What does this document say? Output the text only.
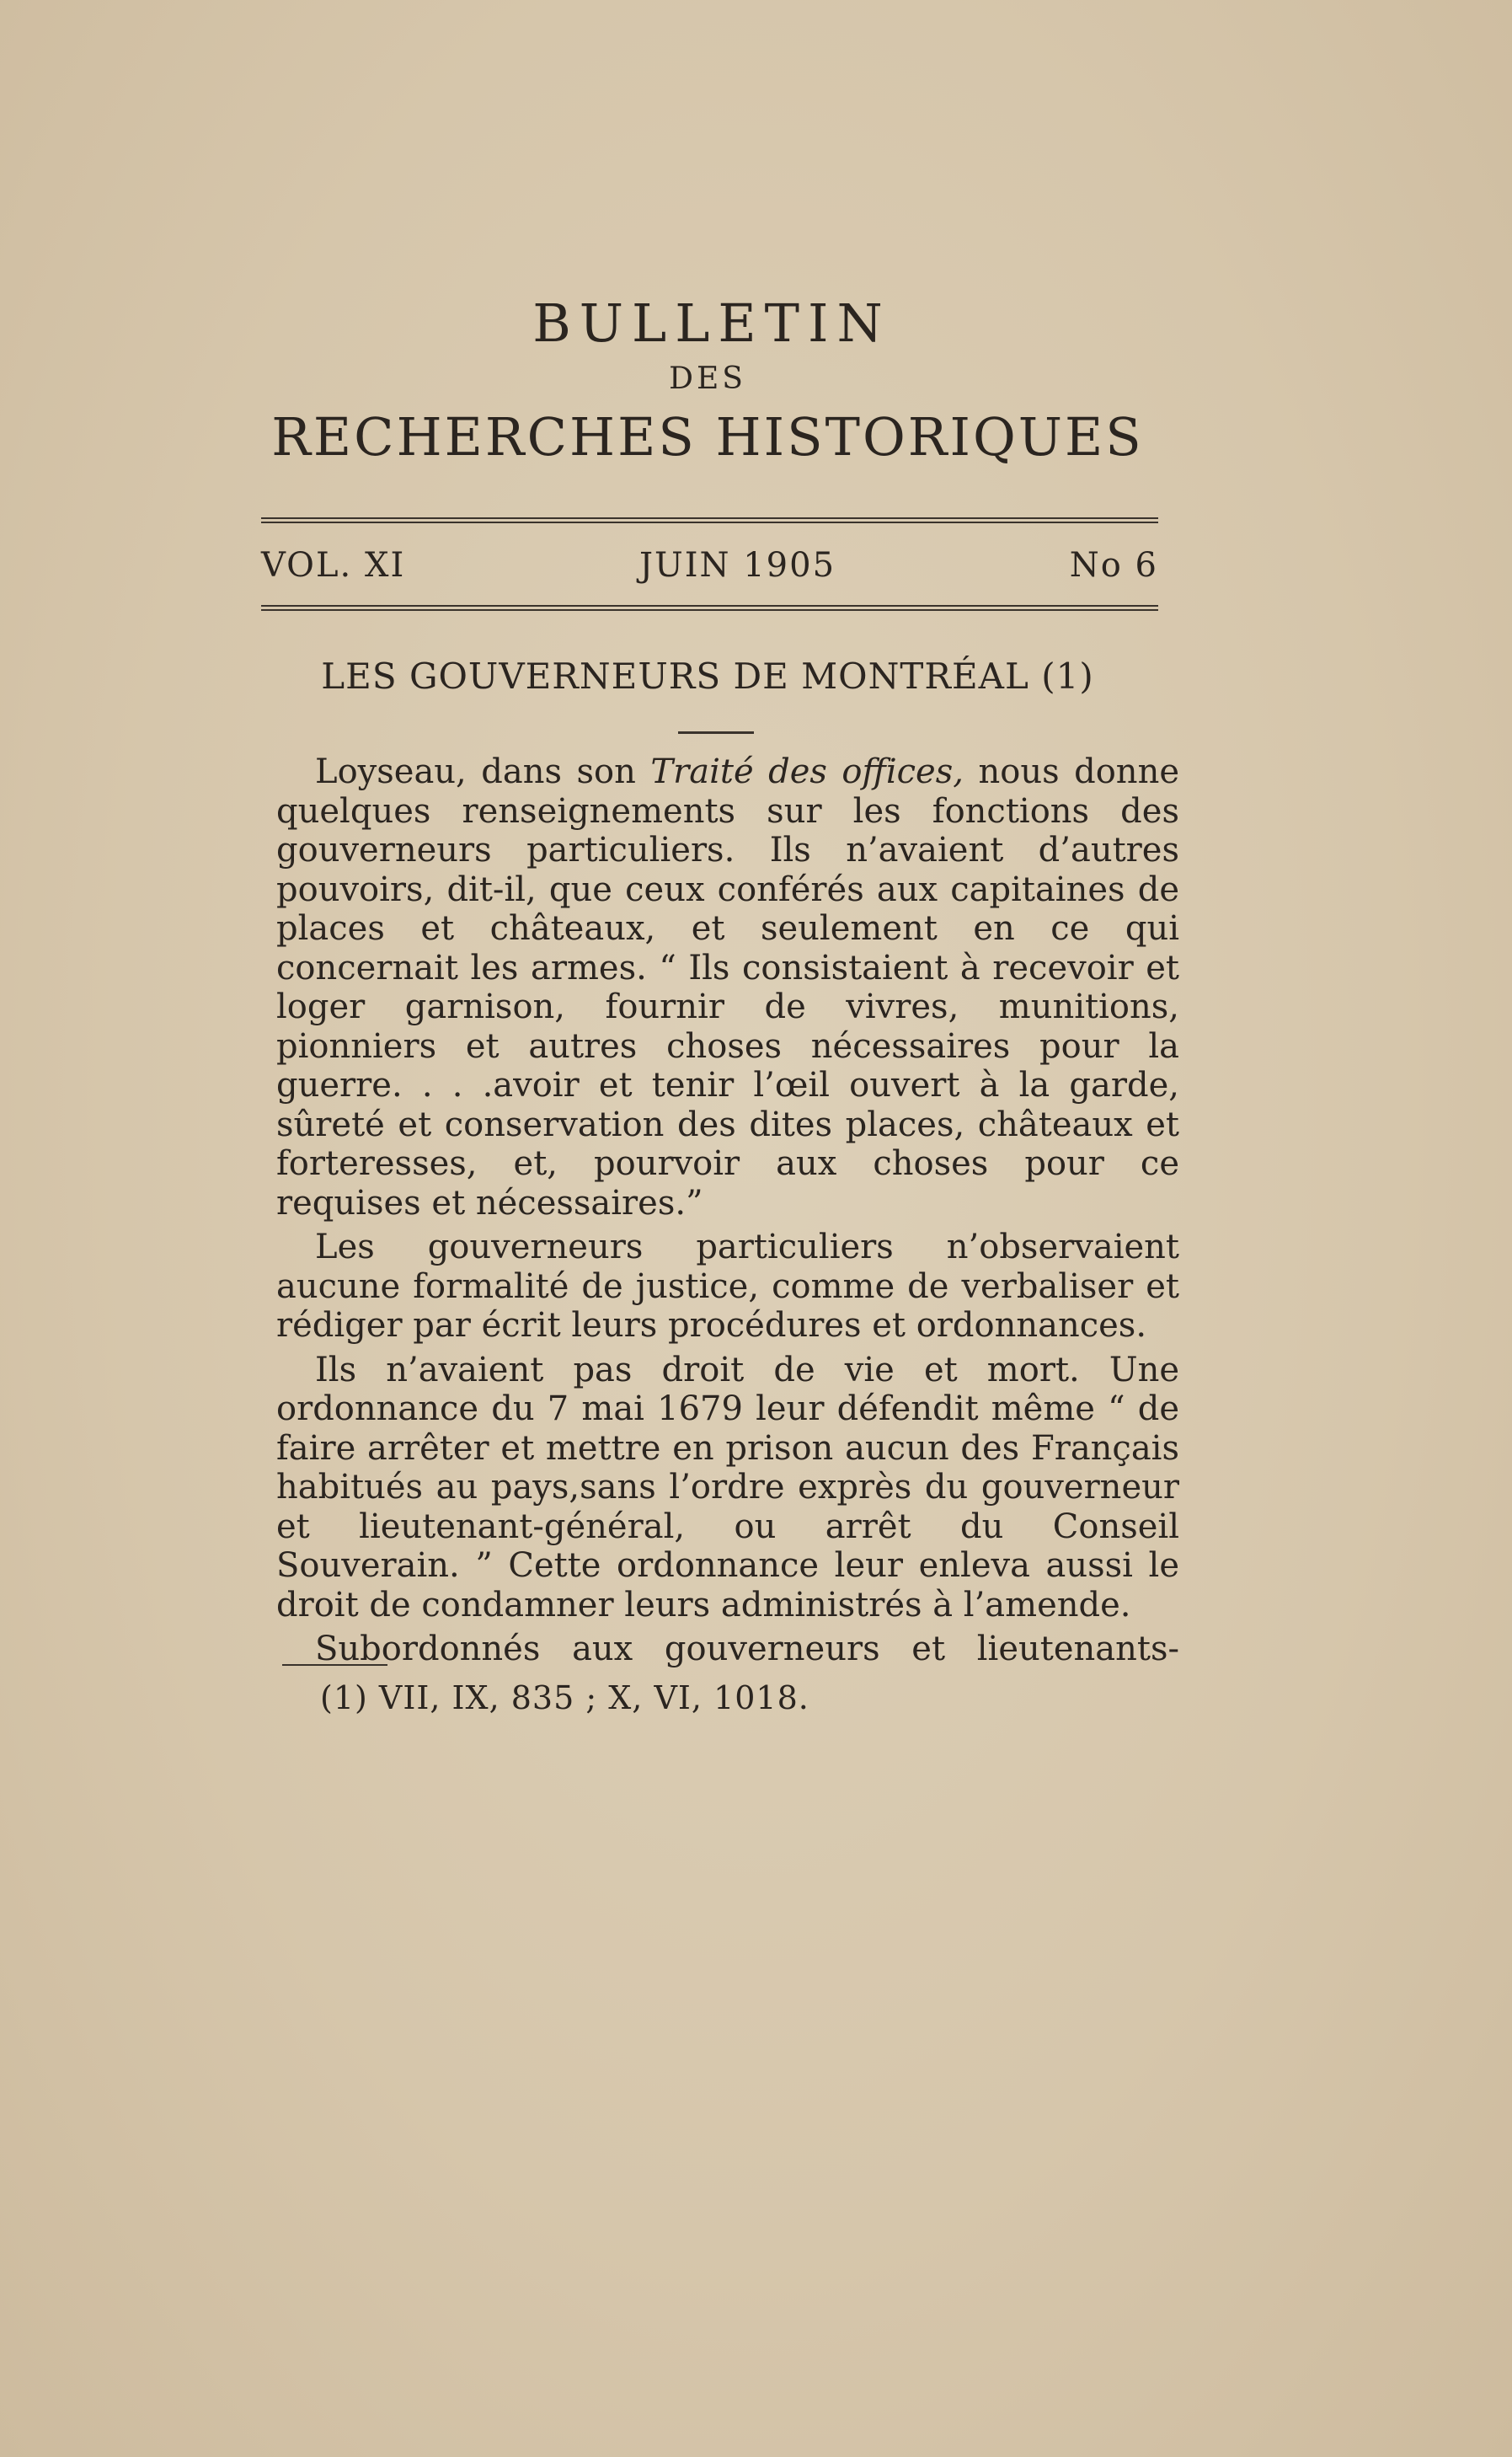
BULLETIN
DES
RECHERCHES HISTORIQUES
VOL. XI	JUIN 1905	No 6
LES GOUVERNEURS DE MONTRÉAL (1)

Loyseau, dans son Traité des offices, nous donne quelques renseignements sur les fonctions des gouverneurs particuliers. Ils n’avaient d’autres pouvoirs, dit-il, que ceux conférés aux capitaines de places et châteaux, et seulement en ce qui concernait les armes. “ Ils consistaient à recevoir et loger garnison, fournir de vivres, munitions, pionniers et autres choses nécessaires pour la guerre. . . .avoir et tenir l’œil ouvert à la garde, sûreté et conservation des dites places, châteaux et forteresses, et, pourvoir aux choses pour ce requises et nécessaires.”

Les gouverneurs particuliers n’observaient aucune formalité de justice, comme de verbaliser et rédiger par écrit leurs procédures et ordonnances.

Ils n’avaient pas droit de vie et mort. Une ordonnance du 7 mai 1679 leur défendit même “ de faire arrêter et mettre en prison aucun des Français habitués au pays,sans l’ordre exprès du gouverneur et lieutenant-général, ou arrêt du Conseil Souverain. ” Cette ordonnance leur enleva aussi le droit de condamner leurs administrés à l’amende.

Subordonnés aux gouverneurs et lieutenants-

(1) VII, IX, 835 ; X, VI, 1018.
